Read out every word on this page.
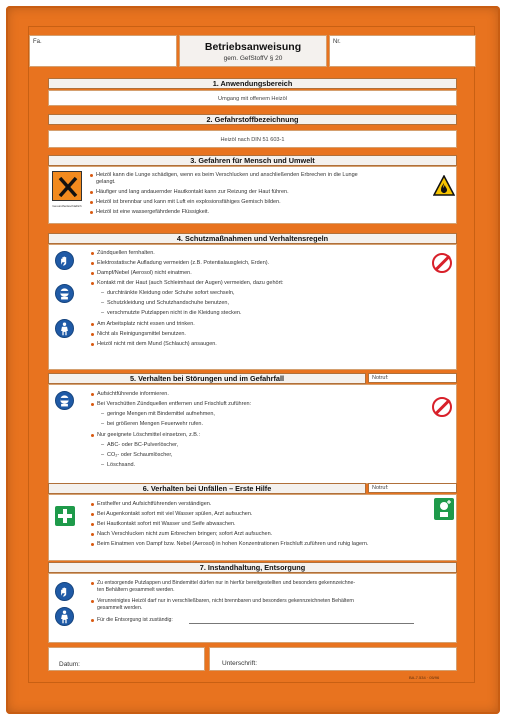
Fa.	Betriebsanweisung
gem. GefStoffV § 20
Nr.
1. Anwendungsbereich
Umgang mit offenem Heizöl
2. Gefahrstoffbezeichnung
Heizöl nach DIN 51 603-1
3. Gefahren für Mensch und Umwelt
Gesundheitsschädlich
Heizöl kann die Lunge schädigen, wenn es beim Verschlucken und anschließenden Erbrechen in die Lunge
gelangt.
Häufiger und lang andauernder Hautkontakt kann zur Reizung der Haut führen.
Heizöl ist brennbar und kann mit Luft ein explosionsfähiges Gemisch bilden.
Heizöl ist eine wassergefährdende Flüssigkeit.
4. Schutzmaßnahmen und Verhaltensregeln
Zündquellen fernhalten.
Elektrostatische Aufladung vermeiden (z.B. Potentialausgleich, Erden).
Dampf/Nebel (Aerosol) nicht einatmen.
Kontakt mit der Haut (auch Schleimhaut der Augen) vermeiden, dazu gehört:
– durchtränkte Kleidung oder Schuhe sofort wechseln,
– Schutzkleidung und Schutzhandschuhe benutzen,
– verschmutzte Putzlappen nicht in die Kleidung stecken.
Am Arbeitsplatz nicht essen und trinken.
Nicht als Reinigungsmittel benutzen.
Heizöl nicht mit dem Mund (Schlauch) ansaugen.
5. Verhalten bei Störungen und im Gefahrfall	Notruf:
Aufsichtführende informieren.
Bei Verschütten Zündquellen entfernen und Frischluft zuführen:
– geringe Mengen mit Bindemittel aufnehmen,
– bei größeren Mengen Feuerwehr rufen.
Nur geeignete Löschmittel einsetzen, z.B.:
– ABC- oder BC-Pulverlöscher,
– CO₂- oder Schaumlöscher,
– Löschsand.
6. Verhalten bei Unfällen – Erste Hilfe	Notruf:
Ersthelfer und Aufsichtführenden verständigen.
Bei Augenkontakt sofort mit viel Wasser spülen, Arzt aufsuchen.
Bei Hautkontakt sofort mit Wasser und Seife abwaschen.
Nach Verschlucken nicht zum Erbrechen bringen; sofort Arzt aufsuchen.
Beim Einatmen von Dampf bzw. Nebel (Aerosol) in hohen Konzentrationen Frischluft zuführen und ruhig lagern.
7. Instandhaltung, Entsorgung
Zu entsorgende Putzlappen und Bindemittel dürfen nur in hierfür bereitgestellten und besonders gekennzeichne-
ten Behältern gesammelt werden.
Verunreinigtes Heizöl darf nur in verschließbaren, nicht brennbaren und besonders gekennzeichneten Behältern
gesammelt werden.
Für die Entsorgung ist zuständig:
Datum:	Unterschrift:
BA-7.534 · 05/96
